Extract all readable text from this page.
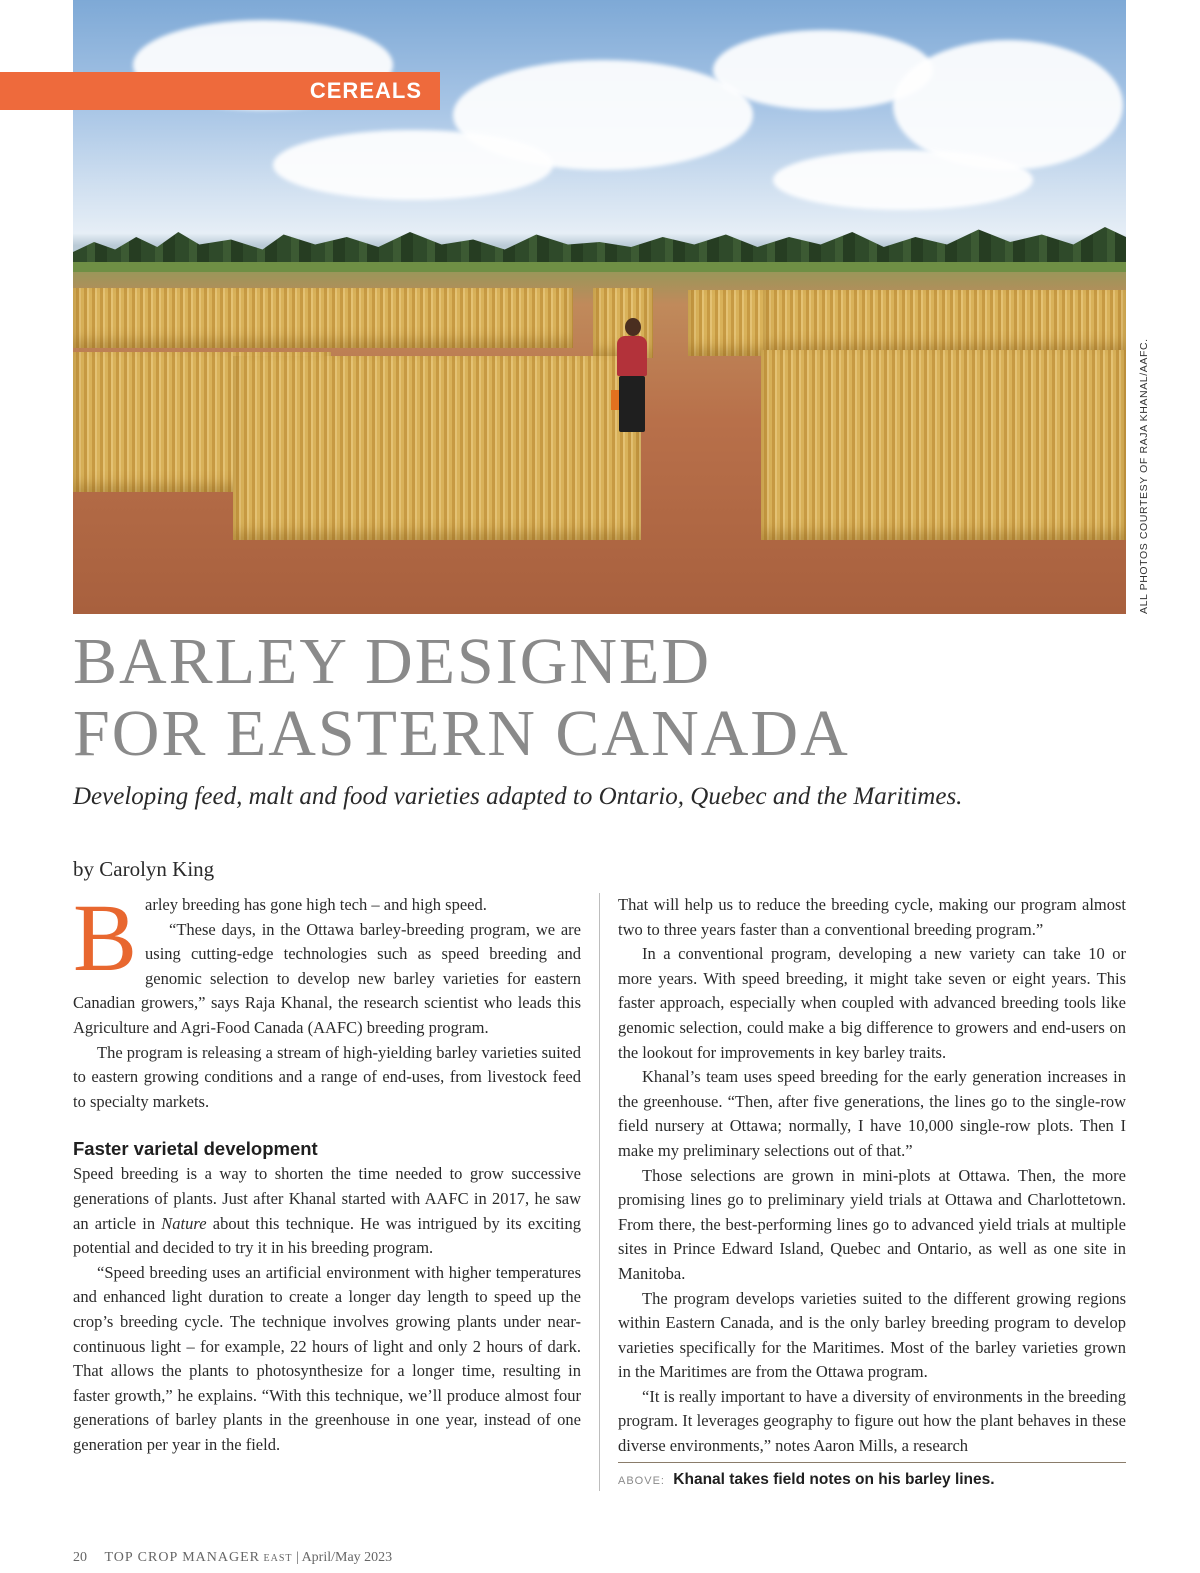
CEREALS
ALL PHOTOS COURTESY OF RAJA KHANAL/AAFC.
BARLEY DESIGNED
FOR EASTERN CANADA

Developing feed, malt and food varieties adapted to Ontario, Quebec and the Maritimes.

by Carolyn King
B arley breeding has gone high tech – and high speed.

“These days, in the Ottawa barley-breeding program, we are using cutting-edge technologies such as speed breeding and genomic selection to develop new barley varieties for eastern Canadian growers,” says Raja Khanal, the research scientist who leads this Agriculture and Agri-Food Canada (AAFC) breeding program.

The program is releasing a stream of high-yielding barley varieties suited to eastern growing conditions and a range of end-uses, from livestock feed to specialty markets.

Faster varietal development

Speed breeding is a way to shorten the time needed to grow successive generations of plants. Just after Khanal started with AAFC in 2017, he saw an article in Nature about this technique. He was intrigued by its exciting potential and decided to try it in his breeding program.

“Speed breeding uses an artificial environment with higher temperatures and enhanced light duration to create a longer day length to speed up the crop’s breeding cycle. The technique involves growing plants under near-continuous light – for example, 22 hours of light and only 2 hours of dark. That allows the plants to photosynthesize for a longer time, resulting in faster growth,” he explains. “With this technique, we’ll produce almost four generations of barley plants in the greenhouse in one year, instead of one generation per year in the field.

That will help us to reduce the breeding cycle, making our program almost two to three years faster than a conventional breeding program.”

In a conventional program, developing a new variety can take 10 or more years. With speed breeding, it might take seven or eight years. This faster approach, especially when coupled with advanced breeding tools like genomic selection, could make a big difference to growers and end-users on the lookout for improvements in key barley traits.

Khanal’s team uses speed breeding for the early generation increases in the greenhouse. “Then, after five generations, the lines go to the single-row field nursery at Ottawa; normally, I have 10,000 single-row plots. Then I make my preliminary selections out of that.”

Those selections are grown in mini-plots at Ottawa. Then, the more promising lines go to preliminary yield trials at Ottawa and Charlottetown. From there, the best-performing lines go to advanced yield trials at multiple sites in Prince Edward Island, Quebec and Ontario, as well as one site in Manitoba.

The program develops varieties suited to the different growing regions within Eastern Canada, and is the only barley breeding program to develop varieties specifically for the Maritimes. Most of the barley varieties grown in the Maritimes are from the Ottawa program.

“It is really important to have a diversity of environments in the breeding program. It leverages geography to figure out how the plant behaves in these diverse environments,” notes Aaron Mills, a research

ABOVE: Khanal takes field notes on his barley lines.
20 TOP CROP MANAGER EAST | April/May 2023
